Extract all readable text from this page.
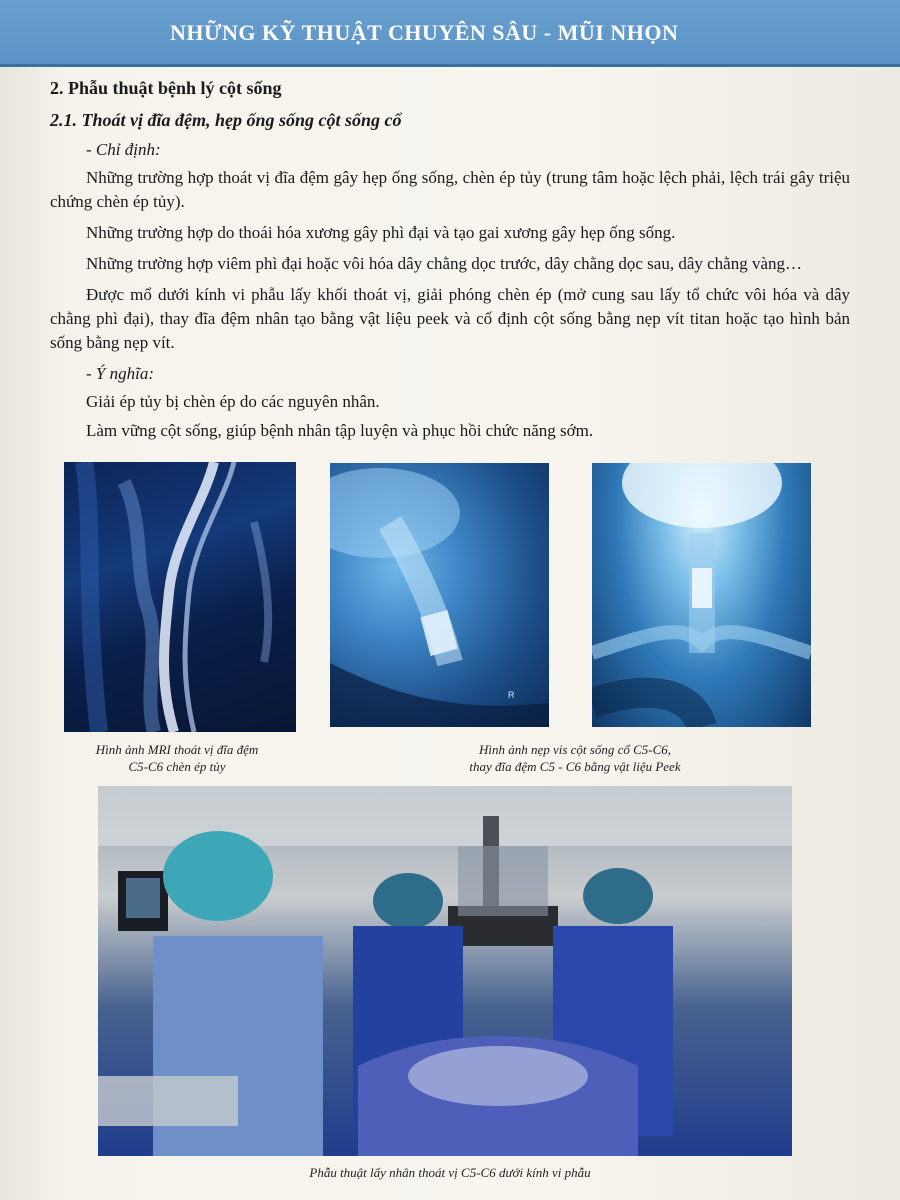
NHỮNG KỸ THUẬT CHUYÊN SÂU - MŨI NHỌN
2. Phẫu thuật bệnh lý cột sống
2.1. Thoát vị đĩa đệm, hẹp ống sống cột sống cổ
- Chỉ định:

Những trường hợp thoát vị đĩa đệm gây hẹp ống sống, chèn ép tủy (trung tâm hoặc lệch phải, lệch trái gây triệu chứng chèn ép tủy).

Những trường hợp do thoái hóa xương gây phì đại và tạo gai xương gây hẹp ống sống.

Những trường hợp viêm phì đại hoặc vôi hóa dây chằng dọc trước, dây chằng dọc sau, dây chằng vàng…

Được mổ dưới kính vi phẫu lấy khối thoát vị, giải phóng chèn ép (mở cung sau lấy tổ chức vôi hóa và dây chằng phì đại), thay đĩa đệm nhân tạo bằng vật liệu peek và cố định cột sống bằng nẹp vít titan hoặc tạo hình bản sống bằng nẹp vít.

- Ý nghĩa:

Giải ép tủy bị chèn ép do các nguyên nhân.

Làm vững cột sống, giúp bệnh nhân tập luyện và phục hồi chức năng sớm.

R
Hình ảnh MRI thoát vị đĩa đệm
C5-C6 chèn ép tủy
Hình ảnh nẹp vis cột sống cổ C5-C6,
thay đĩa đệm C5 - C6 bằng vật liệu Peek
Phẫu thuật lấy nhân thoát vị C5-C6 dưới kính vi phẫu
